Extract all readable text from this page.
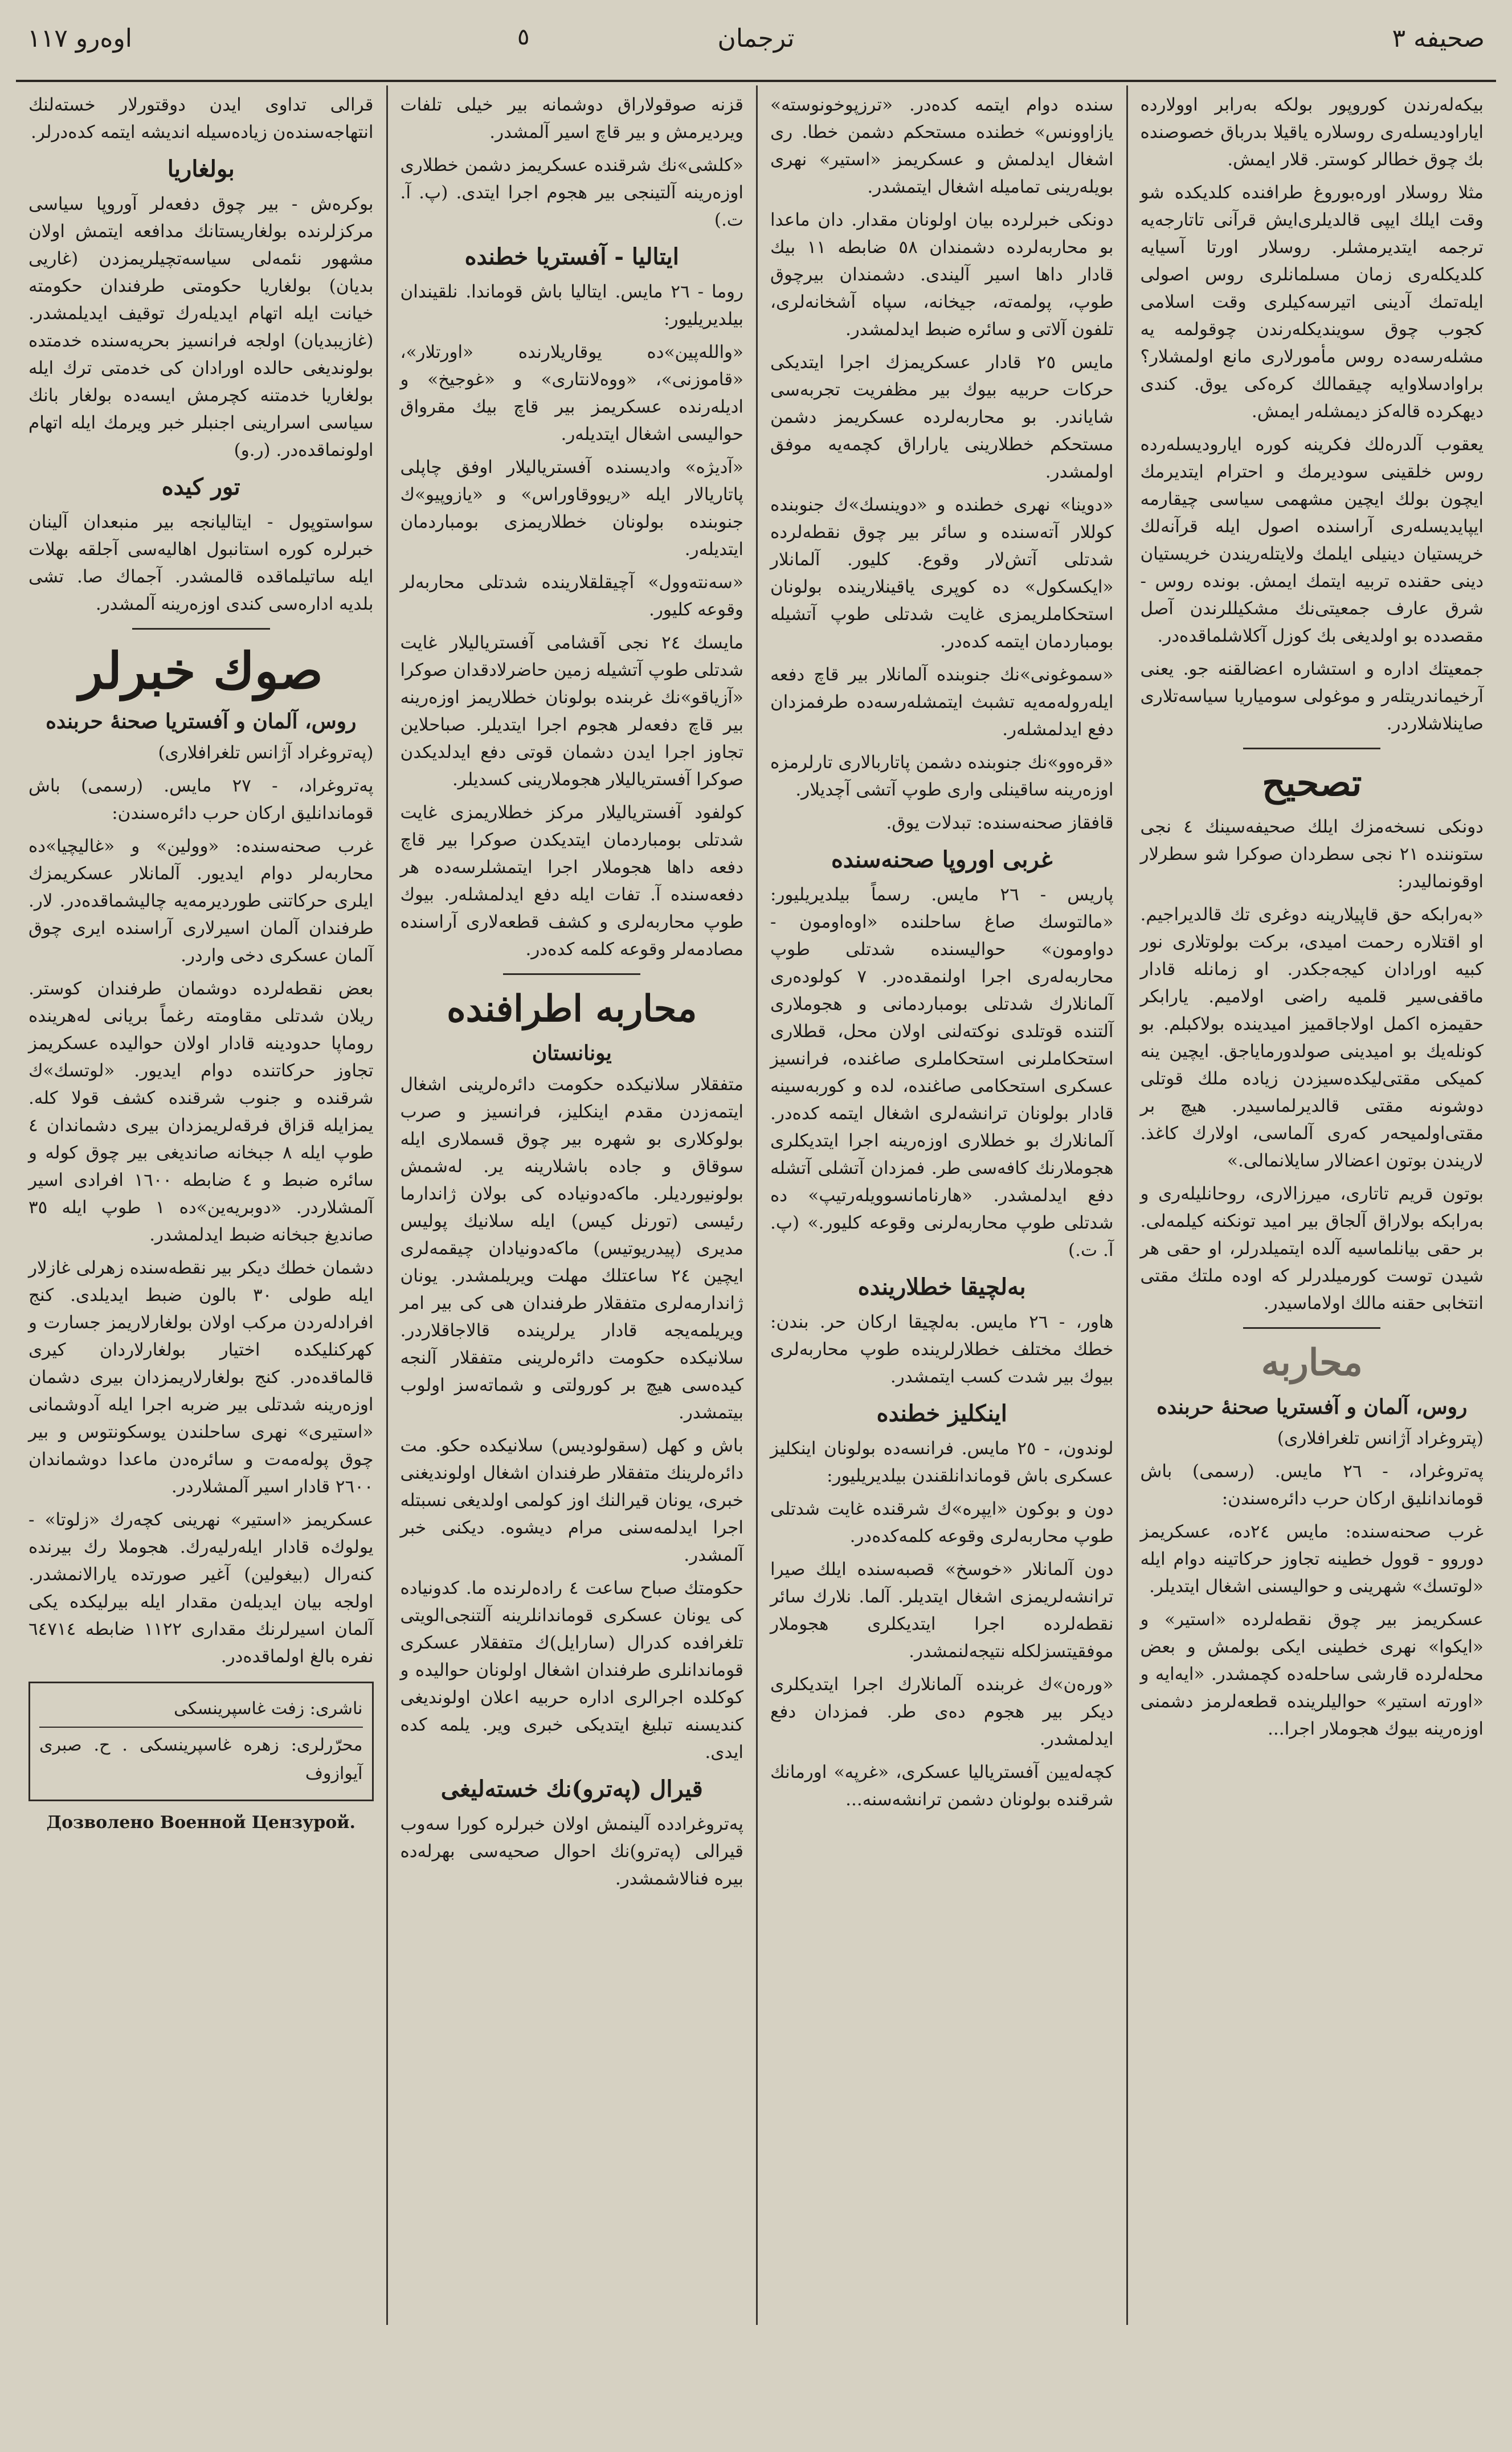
صحیفه ۳
ترجمان
٥
اوەرو ۱۱۷
بیکەلەرندن کوروپور بولکه بەرابر اوولارده ایاراودیسلەری روسلاره یاقیلا بدرباق خصوصنده بك چوق خطالر کوستر. قلار ایمش.
مثلا روسلار اوره‌بوروغ طرافنده کلدیکده شو وقت ایلك ایپی قالدیلری‌ایش قرآنی تاتارجه‌یه ترجمه ایتدیرمشلر. روسلار اورتا آسیایه کلدیکلەری زمان مسلمانلری روس اصولی ایلەتمك آدینی اتیرسەکیلری وقت اسلامی کجوب چوق سویندیکلەرندن چوقولمه یه مشلەرسەده روس مأمورلاری مانع اولمشلار؟ براوادسلاوایه چیقمالك کرەکی یوق. کندی دیهکرده قالەکز دیمشلەر ایمش.
یعقوب آلدرەلك فکرینه کوره ایارودیسلەرده روس خلقینی سودیرمك و احترام ایتدیرمك ایچون بولك ایچین مشهمی سیاسی چیقارمه ایپایدیسلەری آراسنده اصول ایله قرآنەلك خریستیان دینیلی ایلمك ولایتلەریندن خریستیان دینی حقنده تربیه ایتمك ایمش. بونده روس - شرق عارف جمعیتی‌نك مشکیللرندن آصل مقصدده بو اولدیغی بك کوزل آکلاشلماقدەدر.
جمعیتك اداره و استشاره اعضالقنه جو. یعنی آرخیماندریتلەر و موغولی سومیاریا سیاسەتلاری صاینلاشلاردر.
تصحیح
دونکی نسخه‌مزك ایلك صحیفه‌سینك ٤ نجی ستوننده ٢١ نجی سطردان صوکرا شو سطرلار اوقونماليدر:
«بەرابکه حق قاپیلارینه دوغری تك قالدیراجیم. او اقتلارە رحمت امیدی، برکت بولوتلاری نور کبیه اورادان کیجەجکدر. او زمانلە قادار ماقفی‌سیر قلمیه راضی اولامیم. یارابکر حقیمزه اکمل اولاجاقمیز امیدینده بولاکبلم. بو کونلەیك بو امیدینی صولدورمایاجق. ایچین ینه کمیکی مقتی‌لیکدەسیزدن زیاده ملك قوتلی دوشونه مقتی قالدیرلماسیدر. هیچ بر مقتی‌اولمیحه‌ر کەری آلماسی، اولارك کاغذ. لاریندن بوتون اعضالار سایلانمالی.»
بوتون قریم تاتاری، میرزالاری، روحانلیلەری و بەرابکه بولاراق آلجاق بیر امید تونکنه کیلمەلی. بر حقی بیانلماسیه آلده ایتمیلدرلر، او حقی هر شیدن توست کورمیلدرلر که اوده ملتك مقتی انتخابی حقنه مالك اولاماسیدر.
محاربه
روس، آلمان و آفستریا صحنهٔ حربنده
(پتروغراد آژانس تلغرافلاری)
پەتروغراد، - ٢٦ مایس. (رسمی) باش قوماندانلیق ارکان حرب دائره‌سندن:
غرب صحنه‌سنده: مایس ٢٤ده، عسکریمز دوروو - قوول خطینه تجاوز حرکاتینه دوام ایله «لوتسك» شهرینی و حوالیسنی اشغال ایتدیلر.
عسکریمز بیر چوق نقطه‌لرده «استیر» و «ایکوا» نهری خطینی ایکی بولمش و بعض محله‌لرده قارشی ساحله‌ده کچمشدر. «ایه‌ایه و «اورته استیر» حوالیلرینده قطعه‌لرمز دشمنی اوزەرینه بیوك هجوملار اجرا...
سنده دوام ایتمه کده‌در. «ترزپوخونوستە» یازاوونس» خطنده مستحکم دشمن خطا. ری اشغال ایدلمش و عسکریمز «استیر» نهری بویلەرینی تمامیله اشغال ایتمشدر.
دونکی خبرلرده بیان اولونان مقدار. دان ماعدا بو محاربه‌لرده دشمندان ٥٨ ضابطه ١١ بیك قادار داها اسیر آلیندی. دشمندان بیرچوق طوپ، پولمه‌تە، جیخانه، سپاه آشخانه‌لری، تلفون آلاتی و سائره ضبط ایدلمشدر.
مایس ٢٥ قادار عسکریمزك اجرا ایتدیکی حرکات حربیه بیوك بیر مظفریت تجربه‌سی شایاندر. بو محاربه‌لرده عسکریمز دشمن مستحکم خطلارینی یاراراق کچمەیه موفق اولمشدر.
«دوینا» نهری خطنده و «دوینسك»ك جنوبنده کوللار آتەسنده و سائر بیر چوق نقطه‌لرده شدتلی آتش‌لار وقوع. کلیور. آلمانلار «ایکسکول» ده کوپری یاقینلارینده بولونان استحکاملریمزی غایت شدتلی طوپ آتشیله بومباردمان ایتمه کده‌در.
«سموغونی»نك جنوبنده آلمانلار بیر قاچ دفعه ایلەرولەمەیه تشبث ایتمشلەرسەده طرفمزدان دفع ایدلمشلەر.
«قرەوو»نك جنوبنده دشمن پاتاربالاری تارلرمزه اوزه‌رینه ساقینلی واری طوپ آتشی آچدیلار.
قافقاز صحنه‌سنده: تبدلات یوق.
غربی اوروپا صحنه‌سنده
پاریس - ٢٦ مایس. رسماً بیلدیریلیور: «مالتوسك صاغ ساحلنده «اوەاومون - دواومون» حوالیسنده شدتلی طوپ محاربه‌لەری اجرا اولنمقدەدر. ٧ کولوده‌ری آلمانلارك شدتلی بومباردمانی و هجوملاری آلتنده قوتلدی نوکتەلنی اولان محل، قطلاری استحکاملرنی استحکاملری صاغنده، فرانسیز عسکری استحکامی صاغنده، لده و کوربەسینه قادار بولونان ترانشەلری اشغال ایتمه کده‌در. آلمانلارك بو خطلاری اوزەرینه اجرا ایتدیکلری هجوملارنك کافه‌سی طر. فمزدان آتشلی آتشله دفع ایدلمشدر. «هارنامانسوویلەرتیپ» ده شدتلی طوپ محاربه‌لرنی وقوعه کلیور.» (پ. آ. ت.)
بەلچیقا خطلارینده
هاور، - ٢٦ مایس. بەلچیقا ارکان حر. بندن: خطك مختلف خطلارلرینده طوپ محاربه‌لری بیوك بیر شدت کسب ایتمشدر.
اینکلیز خطنده
لوندون، - ٢٥ مایس. فرانسه‌ده بولونان اینکلیز عسکری باش قوماندانلقندن بیلدیریلیور:
دون و بوکون «ایپرە»ك شرقنده غایت شدتلی طوپ محاربه‌لری وقوعه کلمەکده‌در.
دون آلمانلار «خوسخ» قصبه‌سنده ایلك صیرا ترانشه‌لریمزی اشغال ایتدیلر. آلما. نلارك سائر نقطه‌لرده اجرا ایتدیکلری هجوملار موفقیتسزلکله نتیجه‌لنمشدر.
«ورەن»ك غربنده آلمانلارك اجرا ایتدیکلری دیکر بیر هجوم ده‌ی طر. فمزدان دفع ایدلمشدر.
کچه‌لەیین آفستریالیا عسکری، «غرپه» اورمانك شرقنده بولونان دشمن ترانشه‌سنه...
قزنه صوقولاراق دوشمانه بیر خیلی تلفات ویردیرمش و بیر قاچ اسیر آلمشدر.
«کلشی»نك شرقنده عسکریمز دشمن خطلاری اوزەرینه آلتینجی بیر هجوم اجرا ایتدی. (پ. آ. ت.)
ایتالیا - آفستریا خطنده
روما - ٢٦ مایس. ایتالیا باش قوماندا. نلقیندان بیلدیریلیور:
«واللەپین»ده یوقاریلارنده «اورتلار»، «قاموزنی»، «ووەلانتاری» و «غوجیخ» و ادیله‌رنده عسکریمز بیر قاچ بیك مقرواق حوالیسی اشغال ایتدیلەر.
«آدیژه» وادیسنده آفستریالیلار اوفق چاپلی پاتاریالار ایله «ریووقاوراس» و «یازوپیو»ك جنوبنده بولونان خطلاریمزی بومباردمان ایتدیلەر.
«سەنتەوول» آچیقلقلارینده شدتلی محاربه‌لر وقوعه کلیور.
مایسك ٢٤ نجی آقشامی آفستریالیلار غایت شدتلی طوپ آتشیله زمین حاضرلادقدان صوکرا «آزیاقو»نك غربنده بولونان خطلاریمز اوزەرینه بیر قاچ دفعه‌لر هجوم اجرا ایتدیلر. صباحلاین تجاوز اجرا ایدن دشمان قوتی دفع ایدلدیکدن صوکرا آفستریالیلار هجوملارینی کسدیلر.
کولفود آفستریالیلار مرکز خطلاریمزی غایت شدتلی بومباردمان ایتدیکدن صوکرا بیر قاچ دفعه داها هجوملار اجرا ایتمشلرسەده هر دفعه‌سنده آ. تفات ایله دفع ایدلمشلەر. بیوك طوپ محاربه‌لری و کشف قطعەلاری آراسنده مصادمه‌لر وقوعه کلمه کده‌در.
محاربه اطرافنده
یونانستان
متفقلار سلانیکده حکومت دائره‌لرینی اشغال ایتمەزدن مقدم اینکلیز، فرانسیز و صرب بولوکلاری بو شهره بیر چوق قسملاری ایله سوقاق و جاده باشلارینه یر. لەشمش بولونیوردیلر. ماکەدونیاده کی بولان ژاندارما رئیسی (تورنل کیس) ایله سلانیك پولیس مدیری (پیدریوتیس) ماکەدونیادان چیقمەلری ایچین ٢٤ ساعتلك مهلت ویریلمشدر. یونان ژاندارمه‌لری متفقلار طرفندان هی کی بیر امر ویریلمه‌یجه قادار یرلرینده قالاجاقلاردر. سلانیکده حکومت دائره‌لرینی متفقلار آلنجه کیده‌سی هیچ بر کورولتی و شماتەسز اولوب بیتمشدر.
باش و کهل (سقولودیس) سلانیکده حکو. مت دائره‌لرینك متفقلار طرفندان اشغال اولوندیغنی خبری، یونان قیرالنك اوز کولمی اولدیغی نسبتله اجرا ایدلمەسنی مرام دیشوه. دیکنی خبر آلمشدر.
حکومتك صباح ساعت ٤ راده‌لرنده ما. کدونیاده کی یونان عسکری قوماندانلرینه آلتنجی‌الویتی تلغرافده کدرال (سارایل)ك متفقلار عسکری قوماندانلری طرفندان اشغال اولونان حوالیده و کوکلده اجرالری اداره حربیه اعلان اولوندیغی کندیسنه تبلیغ ایتدیکی خبری ویر. یلمه کده ایدی.
قیرال (پەترو)نك خسته‌لیغی
پەتروغرادده آلینمش اولان خبرلره کورا سەوب قیرالی (پەترو)نك احوال صحیه‌سی بهرلەده بیره فنالاشمشدر.
قرالی تداوی ایدن دوقتورلار خسته‌لنك انتهاجه‌سنده‌ن زیاده‌سیله اندیشه ایتمه کده‌درلر.
بولغاریا
بوکرەش - بیر چوق دفعه‌لر آوروپا سیاسی مرکزلرنده بولغاریستانك مدافعه ایتمش اولان مشهور نئمەلی سیاسه‌تچیلریمزدن (غاریی بدیان) بولغاریا حکومتی طرفندان حکومته خیانت ایله اتهام ایدیله‌رك توقیف ایدیلمشدر. (غازیبدیان) اولجه فرانسیز بحریه‌سنده خدمتده بولوندیغی حالده اورادان کی خدمتی ترك ایله بولغاریا خدمتنه کچرمش ایسه‌ده بولغار بانك سیاسی اسرارینی اجنبلر خبر ویرمك ایله اتهام اولونماقده‌در. (ر.و)
تور کیده
سواستوپول - ایتالیانجه بیر منبعدان آلینان خبرلره کوره استانبول اهالیه‌سی آجلقه بهلات ایله ساتیلماقده قالمشدر. آجماك صا. تشی بلدیه اداره‌سی کندی اوزەرینه آلمشدر.
صوك خبرلر
روس، آلمان و آفستریا صحنهٔ حربنده
(پەتروغراد آژانس تلغرافلاری)
پەتروغراد، - ٢٧ مایس. (رسمی) باش قوماندانلیق ارکان حرب دائره‌سندن:
غرب صحنه‌سنده: «وولین» و «غالیچیا»ده محاربه‌لر دوام ایدیور. آلمانلار عسکریمزك ایلری حرکاتنی طوردیرمه‌یه چالیشماقده‌در. لار. طرفندان آلمان اسیرلاری آراسنده ایری چوق آلمان عسکری دخی واردر.
بعض نقطه‌لرده دوشمان طرفندان کوستر. ریلان شدتلی مقاومته رغماً بریانی لەهرینده روماپا حدودینه قادار اولان حوالیده عسکریمز تجاوز حرکاتنده دوام ایدیور. «لوتسك»ك شرقنده و جنوب شرقنده کشف قولا کله. یمزایله قزاق فرقه‌لریمزدان بیری دشماندان ٤ طوپ ایله ٨ جبخانه صاندیغی بیر چوق کوله و سائره ضبط و ٤ ضابطه ١٦٠٠ افرادی اسیر آلمشلاردر. «دوبریەین»ده ١ طوپ ایله ٣٥ صاندیغ جبخانه ضبط ایدلمشدر.
دشمان خطك دیکر بیر نقطه‌سنده زهرلی غازلار ایله طولی ٣٠ بالون ضبط ایدیلدی. کنج افرادلەردن مرکب اولان بولغارلاریمز جسارت و کهرکنلیکده اختیار بولغارلاردان کیری قالماقده‌در. کنج بولغارلاریمزدان بیری دشمان اوزەرینه شدتلی بیر ضربه اجرا ایله آدوشمانی «استیری» نهری ساحلندن یوسکونتوس و بیر چوق پولەمه‌ت و سائره‌دن ماعدا دوشماندان ٢٦٠٠ قادار اسیر آلمشلاردر.
عسکریمز «استیر» نهرینی کچه‌رك «زلوتا» - یولوك‌ه قادار ایلەرلیه‌رك. هجوملا رك بیرنده کنه‌رال (بیغولین) آغیر صورتده یارالانمشدر. اولجه بیان ایدیلەن مقدار ایله بیرلیکده یکی آلمان اسیرلرنك مقداری ١١٢٢ ضابطه ٦٤٧١٤ نفره بالغ اولماقده‌در.
ناشری: زفت غاسپرینسکی
محرّرلری: زهرە غاسپرینسکی . ح. صبری آیوازوف
Дозволено Военной Цензурой.
